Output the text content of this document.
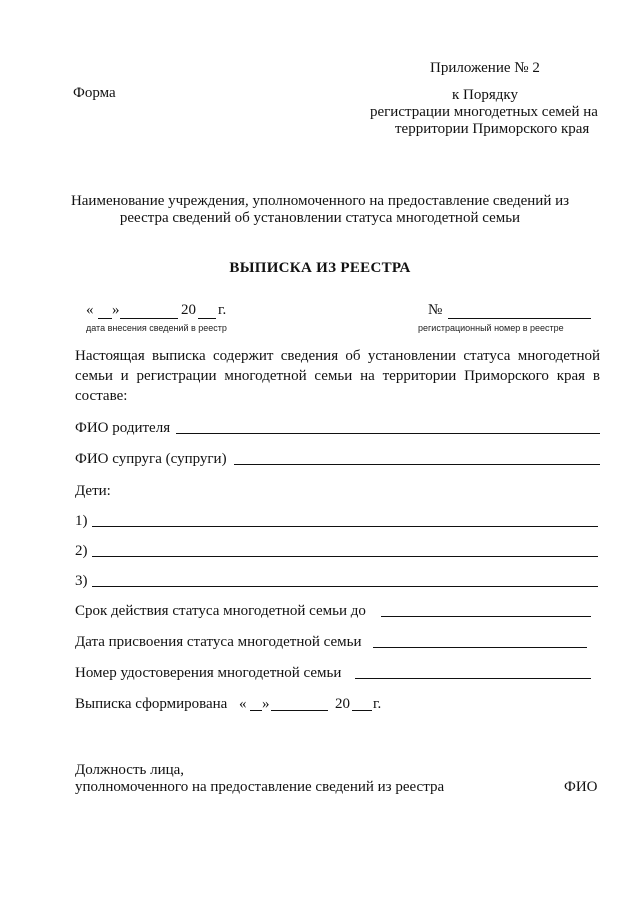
Приложение № 2
Форма	к Порядку
регистрации многодетных семей на
территории Приморского края
Наименование учреждения, уполномоченного на предоставление сведений из
реестра сведений об установлении статуса многодетной семьи
ВЫПИСКА ИЗ РЕЕСТРА
« »	20 г.
дата внесения сведений в реестр
№
регистрационный номер в реестре
Настоящая выписка содержит сведения об установлении статуса многодетной
семьи и регистрации многодетной семьи на территории Приморского края в
составе:
ФИО родителя
ФИО супруга (супруги)
Дети:
1)
2)
3)
Срок действия статуса многодетной семьи до
Дата присвоения статуса многодетной семьи
Номер удостоверения многодетной семьи
Выписка сформирована « »	20 г.
Должность лица,
уполномоченного на предоставление сведений из реестра	ФИО
